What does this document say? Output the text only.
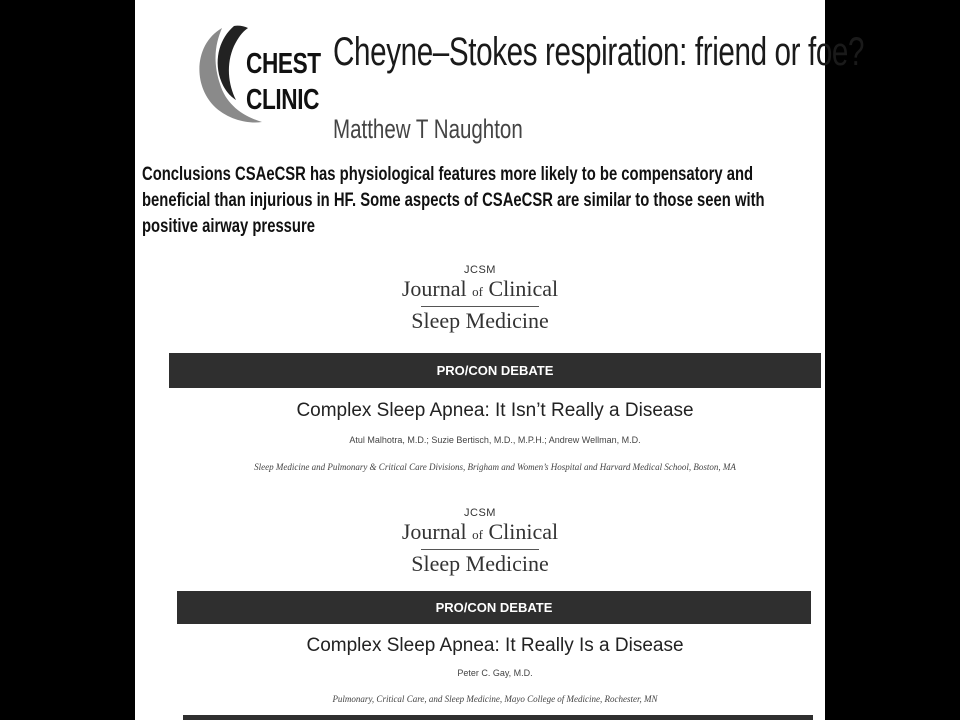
CHEST
CLINIC
Cheyne–Stokes respiration: friend or foe?
Matthew T Naughton
Conclusions CSAeCSR has physiological features more likely to be compensatory and beneficial than injurious in HF. Some aspects of CSAeCSR are similar to those seen with positive airway pressure
JCSM
Journal of Clinical
Sleep Medicine
PRO/CON DEBATE
Complex Sleep Apnea: It Isn’t Really a Disease
Atul Malhotra, M.D.; Suzie Bertisch, M.D., M.P.H.; Andrew Wellman, M.D.
Sleep Medicine and Pulmonary & Critical Care Divisions, Brigham and Women’s Hospital and Harvard Medical School, Boston, MA
JCSM
Journal of Clinical
Sleep Medicine
PRO/CON DEBATE
Complex Sleep Apnea: It Really Is a Disease
Peter C. Gay, M.D.
Pulmonary, Critical Care, and Sleep Medicine, Mayo College of Medicine, Rochester, MN
